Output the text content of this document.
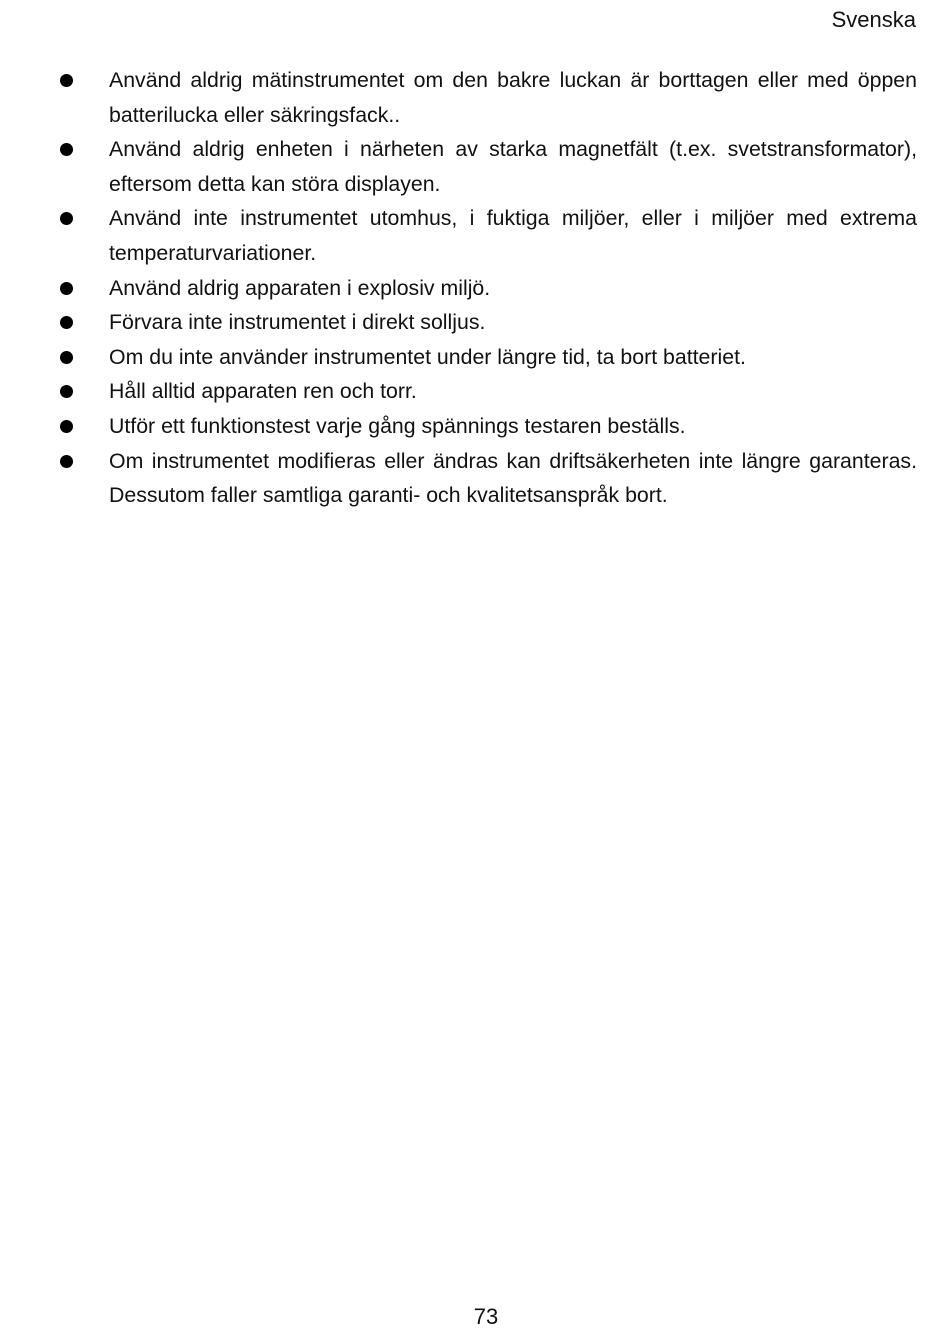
Svenska
Använd aldrig mätinstrumentet om den bakre luckan är borttagen eller med öppen batterilucka eller säkringsfack..
Använd aldrig enheten i närheten av starka magnetfält (t.ex. svetstransformator), eftersom detta kan störa displayen.
Använd inte instrumentet utomhus, i fuktiga miljöer, eller i miljöer med extrema temperaturvariationer.
Använd aldrig apparaten i explosiv miljö.
Förvara inte instrumentet i direkt solljus.
Om du inte använder instrumentet under längre tid, ta bort batteriet.
Håll alltid apparaten ren och torr.
Utför ett funktionstest varje gång spännings testaren beställs.
Om instrumentet modifieras eller ändras kan driftsäkerheten inte längre garanteras. Dessutom faller samtliga garanti- och kvalitetsanspråk bort.
73
